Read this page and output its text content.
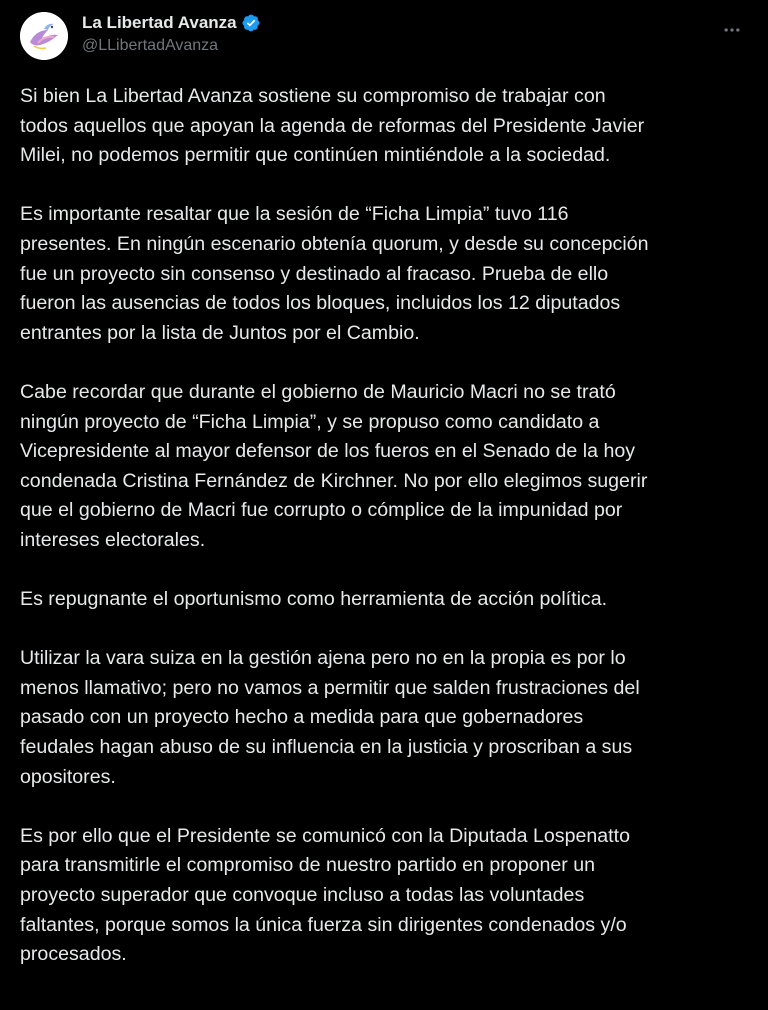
La Libertad Avanza
@LLibertadAvanza

Si bien La Libertad Avanza sostiene su compromiso de trabajar con
todos aquellos que apoyan la agenda de reformas del Presidente Javier
Milei, no podemos permitir que continúen mintiéndole a la sociedad.

Es importante resaltar que la sesión de “Ficha Limpia” tuvo 116
presentes. En ningún escenario obtenía quorum, y desde su concepción
fue un proyecto sin consenso y destinado al fracaso. Prueba de ello
fueron las ausencias de todos los bloques, incluidos los 12 diputados
entrantes por la lista de Juntos por el Cambio.

Cabe recordar que durante el gobierno de Mauricio Macri no se trató
ningún proyecto de “Ficha Limpia”, y se propuso como candidato a
Vicepresidente al mayor defensor de los fueros en el Senado de la hoy
condenada Cristina Fernández de Kirchner. No por ello elegimos sugerir
que el gobierno de Macri fue corrupto o cómplice de la impunidad por
intereses electorales.

Es repugnante el oportunismo como herramienta de acción política.

Utilizar la vara suiza en la gestión ajena pero no en la propia es por lo
menos llamativo; pero no vamos a permitir que salden frustraciones del
pasado con un proyecto hecho a medida para que gobernadores
feudales hagan abuso de su influencia en la justicia y proscriban a sus
opositores.

Es por ello que el Presidente se comunicó con la Diputada Lospenatto
para transmitirle el compromiso de nuestro partido en proponer un
proyecto superador que convoque incluso a todas las voluntades
faltantes, porque somos la única fuerza sin dirigentes condenados y/o
procesados.
